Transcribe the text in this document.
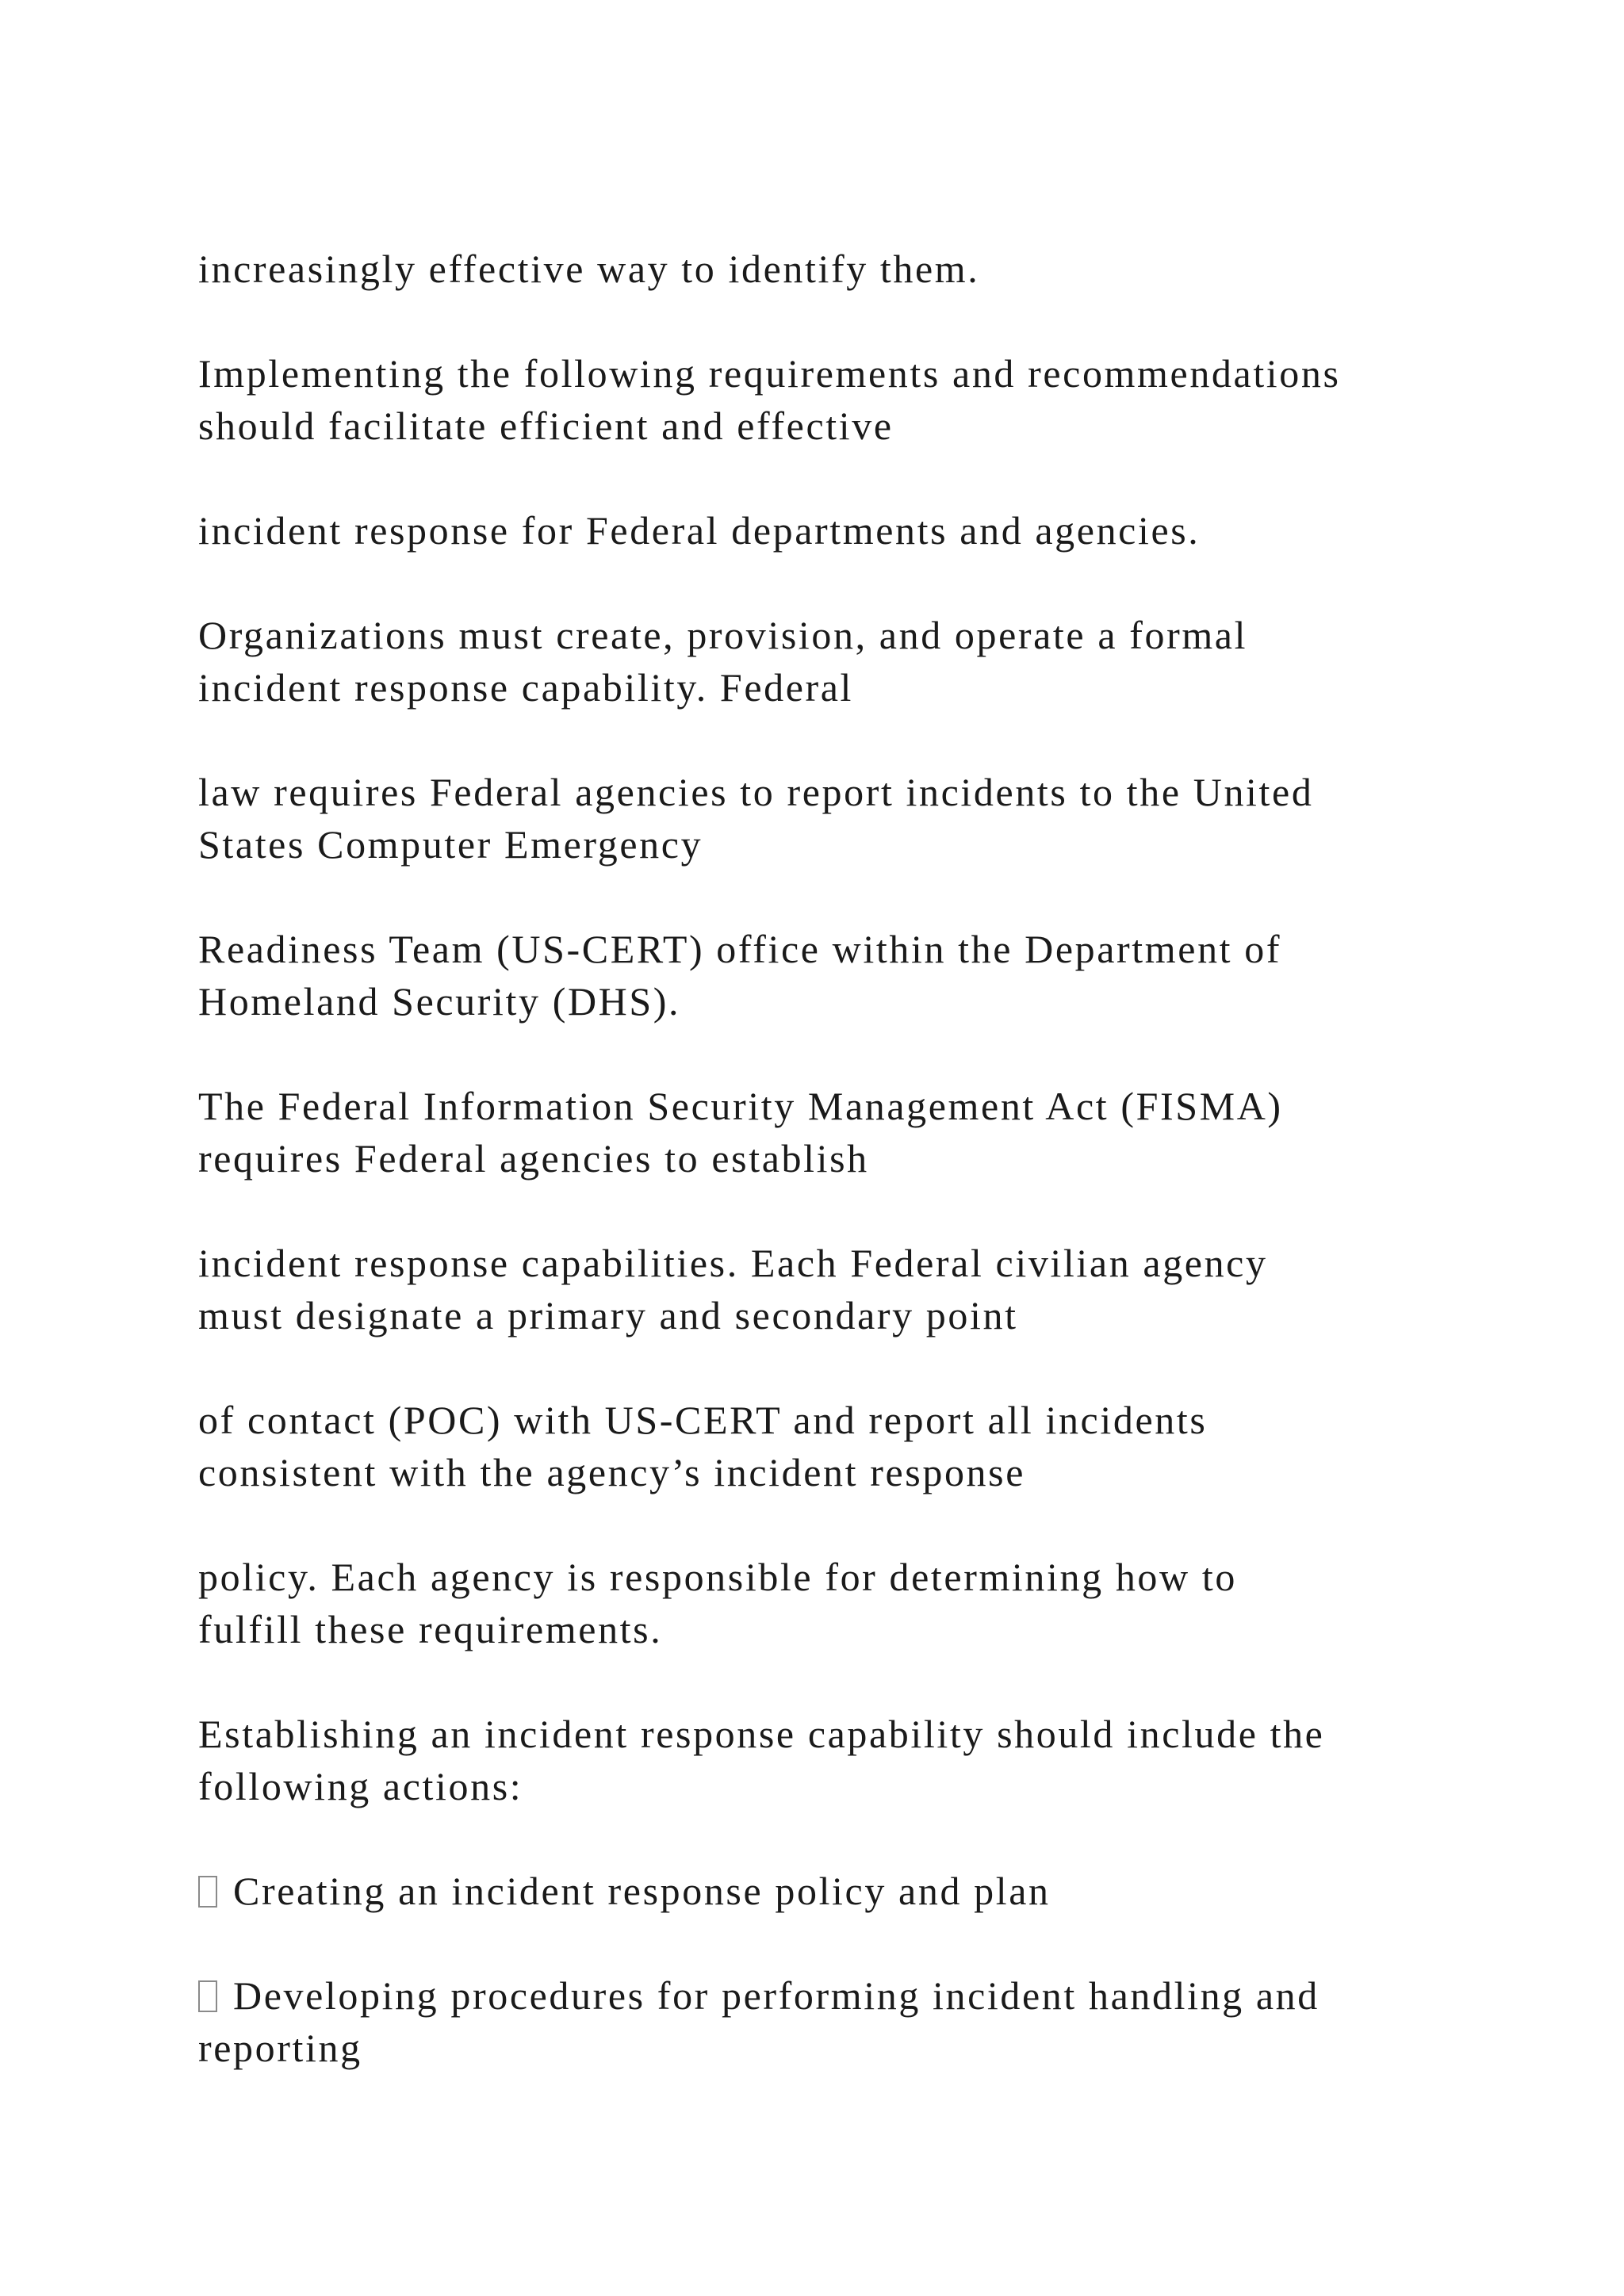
increasingly effective way to identify them.

Implementing the following requirements and recommendations
should facilitate efficient and effective

incident response for Federal departments and agencies.

Organizations must create, provision, and operate a formal
incident response capability. Federal

law requires Federal agencies to report incidents to the United
States Computer Emergency

Readiness Team (US-CERT) office within the Department of
Homeland Security (DHS).

The Federal Information Security Management Act (FISMA)
requires Federal agencies to establish

incident response capabilities. Each Federal civilian agency
must designate a primary and secondary point

of contact (POC) with US-CERT and report all incidents
consistent with the agency’s incident response

policy. Each agency is responsible for determining how to
fulfill these requirements.

Establishing an incident response capability should include the
following actions:

Creating an incident response policy and plan

Developing procedures for performing incident handling and
reporting
